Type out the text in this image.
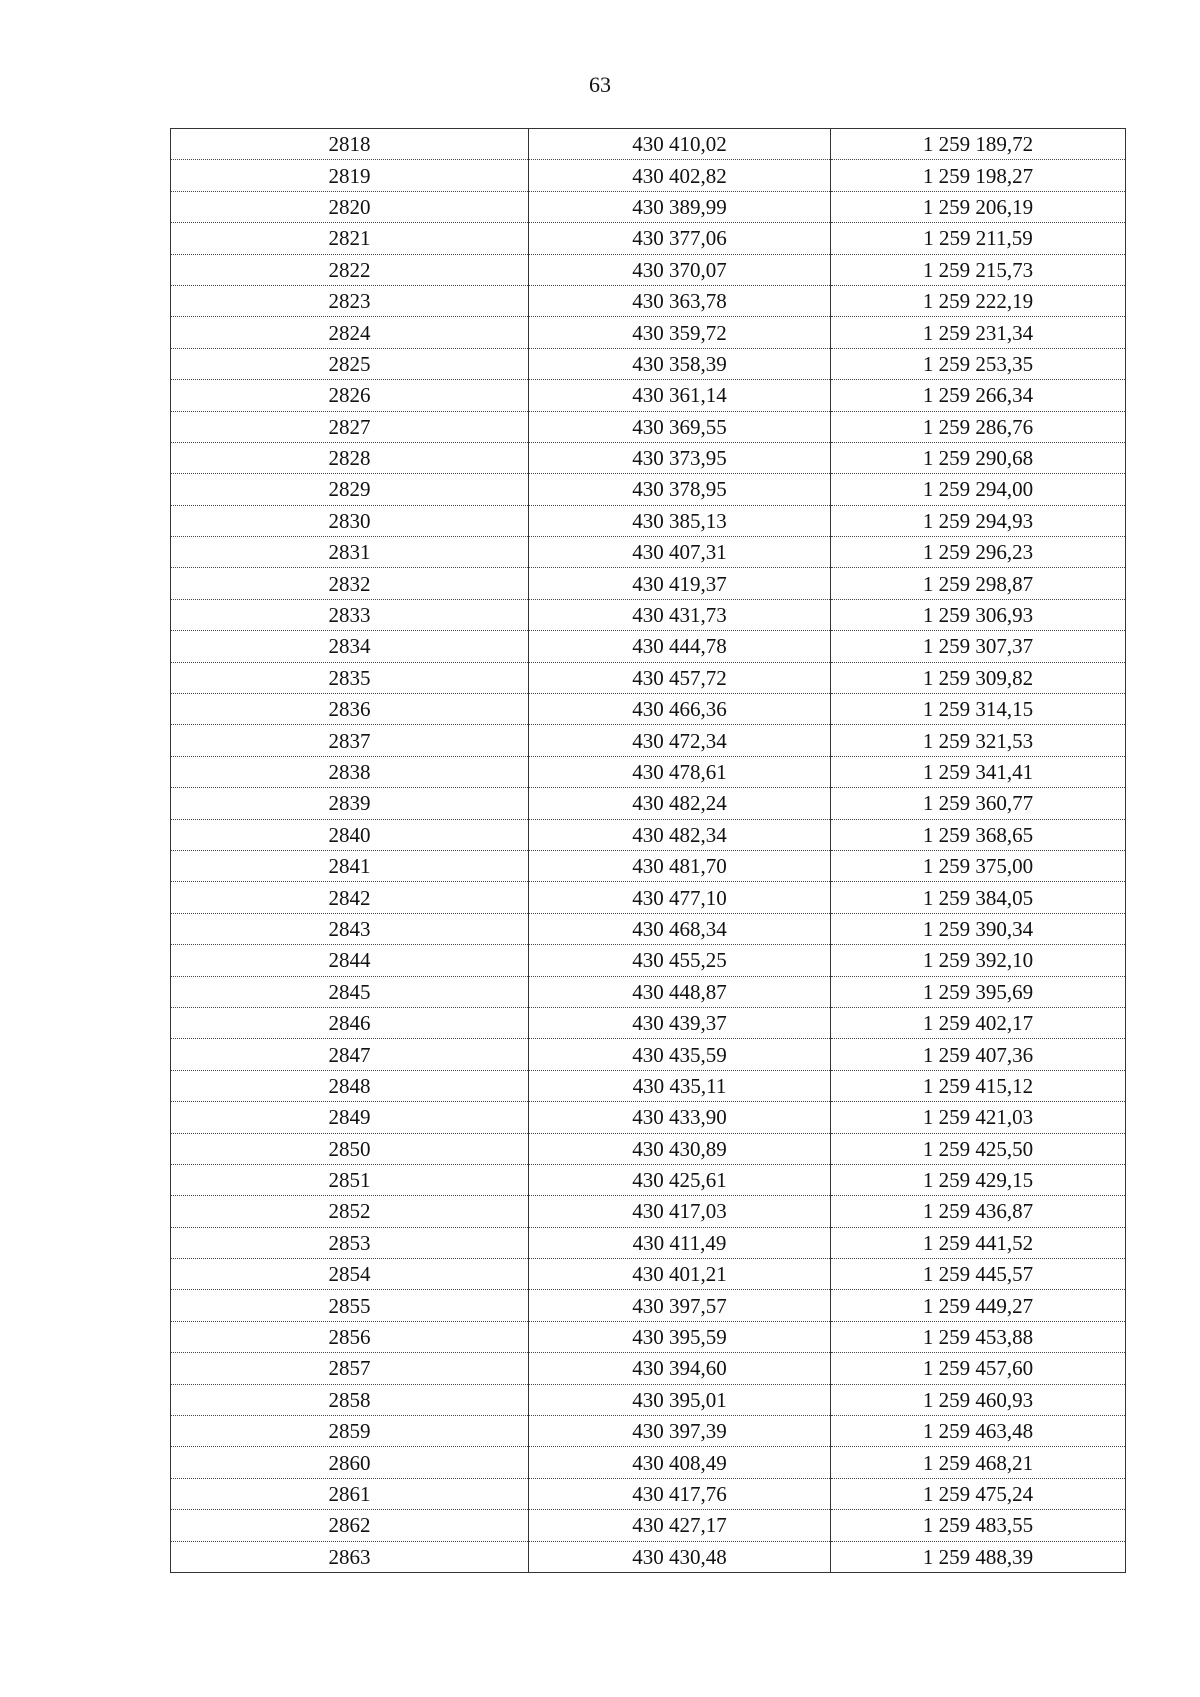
63
2818	430 410,02	1 259 189,72
2819	430 402,82	1 259 198,27
2820	430 389,99	1 259 206,19
2821	430 377,06	1 259 211,59
2822	430 370,07	1 259 215,73
2823	430 363,78	1 259 222,19
2824	430 359,72	1 259 231,34
2825	430 358,39	1 259 253,35
2826	430 361,14	1 259 266,34
2827	430 369,55	1 259 286,76
2828	430 373,95	1 259 290,68
2829	430 378,95	1 259 294,00
2830	430 385,13	1 259 294,93
2831	430 407,31	1 259 296,23
2832	430 419,37	1 259 298,87
2833	430 431,73	1 259 306,93
2834	430 444,78	1 259 307,37
2835	430 457,72	1 259 309,82
2836	430 466,36	1 259 314,15
2837	430 472,34	1 259 321,53
2838	430 478,61	1 259 341,41
2839	430 482,24	1 259 360,77
2840	430 482,34	1 259 368,65
2841	430 481,70	1 259 375,00
2842	430 477,10	1 259 384,05
2843	430 468,34	1 259 390,34
2844	430 455,25	1 259 392,10
2845	430 448,87	1 259 395,69
2846	430 439,37	1 259 402,17
2847	430 435,59	1 259 407,36
2848	430 435,11	1 259 415,12
2849	430 433,90	1 259 421,03
2850	430 430,89	1 259 425,50
2851	430 425,61	1 259 429,15
2852	430 417,03	1 259 436,87
2853	430 411,49	1 259 441,52
2854	430 401,21	1 259 445,57
2855	430 397,57	1 259 449,27
2856	430 395,59	1 259 453,88
2857	430 394,60	1 259 457,60
2858	430 395,01	1 259 460,93
2859	430 397,39	1 259 463,48
2860	430 408,49	1 259 468,21
2861	430 417,76	1 259 475,24
2862	430 427,17	1 259 483,55
2863	430 430,48	1 259 488,39
